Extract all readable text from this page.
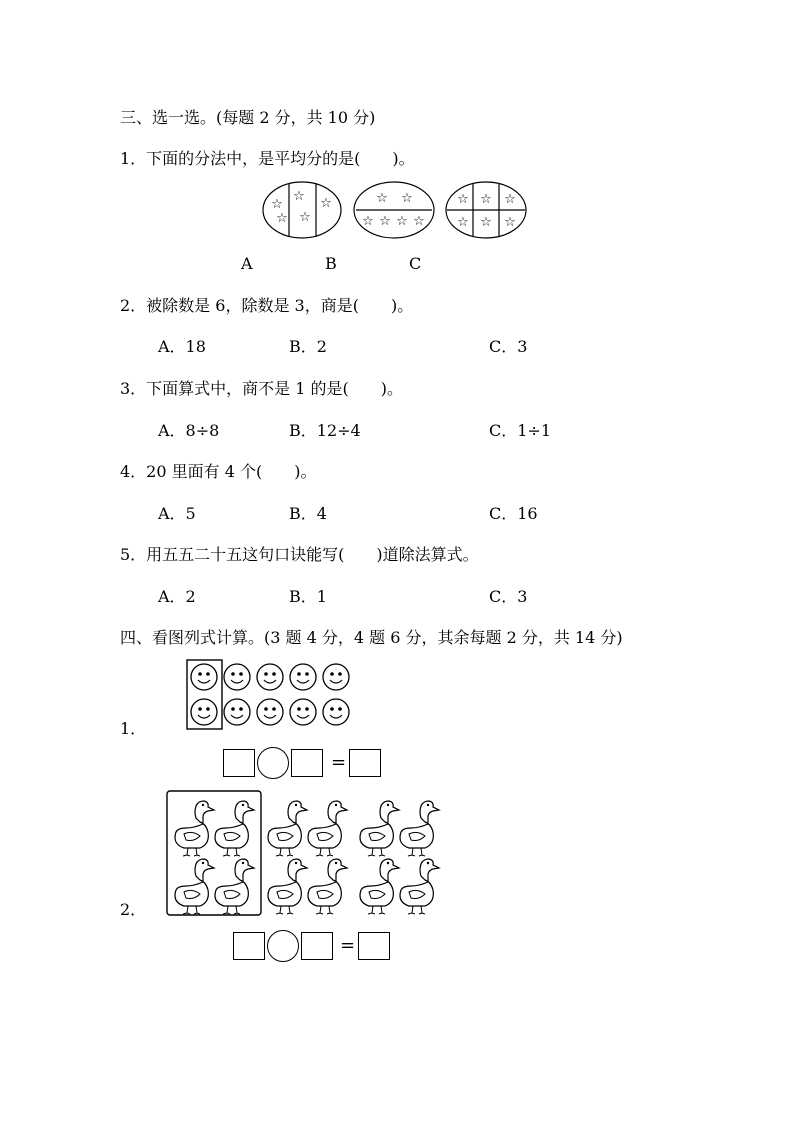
三、选一选。(每题 2 分，共 10 分)
1．下面的分法中，是平均分的是(　　)。
☆
☆
☆
☆
☆	☆ ☆
☆ ☆ ☆ ☆
☆ ☆ ☆
☆ ☆ ☆
A	B	C
2．被除数是 6，除数是 3，商是(　　)。
A．18	B．2	C．3
3．下面算式中，商不是 1 的是(　　)。
A．8÷8	B．12÷4	C．1÷1
4．20 里面有 4 个(　　)。
A．5	B．4	C．16
5．用五五二十五这句口诀能写(　　)道除法算式。
A．2	B．1	C．3
四、看图列式计算。(3 题 4 分，4 题 6 分，其余每题 2 分，共 14 分)
1．
=
2．
=
